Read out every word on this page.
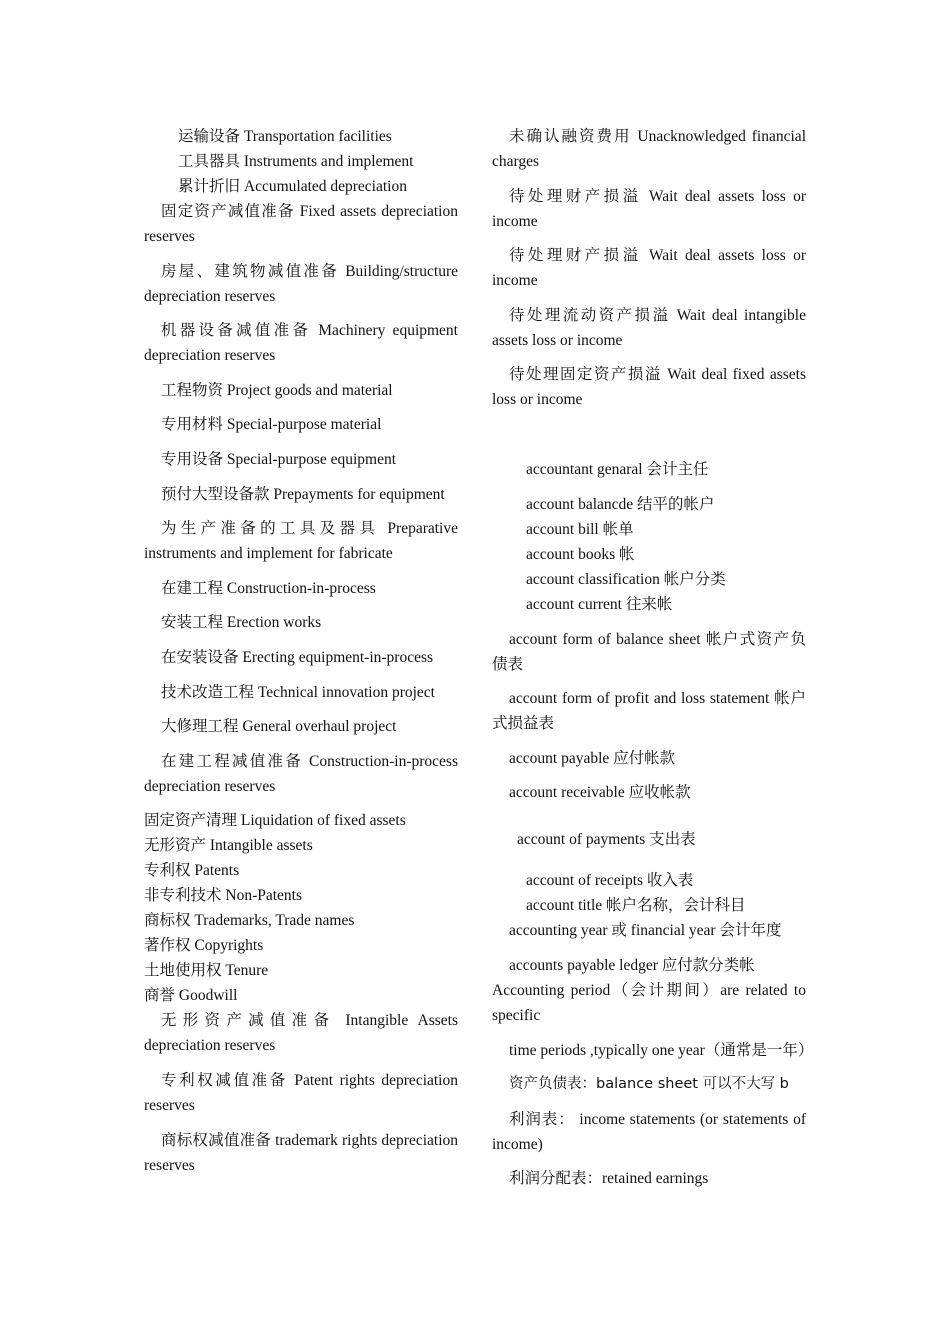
运输设备 Transportation facilities

工具器具 Instruments and implement

累计折旧 Accumulated depreciation

固定资产减值准备 Fixed assets depreciation reserves

房屋、建筑物减值准备 Building/structure depreciation reserves

机器设备减值准备 Machinery equipment depreciation reserves

工程物资 Project goods and material

专用材料 Special-purpose material

专用设备 Special-purpose equipment

预付大型设备款 Prepayments for equipment

为生产准备的工具及器具 Preparative instruments and implement for fabricate

在建工程 Construction-in-process

安装工程 Erection works

在安装设备 Erecting equipment-in-process

技术改造工程 Technical innovation project

大修理工程 General overhaul project

在建工程减值准备 Construction-in-process depreciation reserves

固定资产清理 Liquidation of fixed assets

无形资产 Intangible assets

专利权 Patents

非专利技术 Non-Patents

商标权 Trademarks, Trade names

著作权 Copyrights

土地使用权 Tenure

商誉 Goodwill

无形资产减值准备 Intangible Assets depreciation reserves

专利权减值准备 Patent rights depreciation reserves

商标权减值准备 trademark rights depreciation reserves

未确认融资费用 Unacknowledged financial charges

待处理财产损溢 Wait deal assets loss or income

待处理财产损溢 Wait deal assets loss or income

待处理流动资产损溢 Wait deal intangible assets loss or income

待处理固定资产损溢 Wait deal fixed assets loss or income

accountant genaral 会计主任

account balancde 结平的帐户

account bill 帐单

account books 帐

account classification 帐户分类

account current 往来帐

account form of balance sheet 帐户式资产负债表

account form of profit and loss statement 帐户式损益表

account payable 应付帐款

account receivable 应收帐款

account of payments 支出表

account of receipts 收入表

account title 帐户名称，会计科目

accounting year 或 financial year 会计年度

accounts payable ledger 应付款分类帐

Accounting period（会计期间）are related to specific

time periods ,typically one year（通常是一年）

资产负债表：balance sheet 可以不大写 b

利润表： income statements (or statements of income)

利润分配表：retained earnings
